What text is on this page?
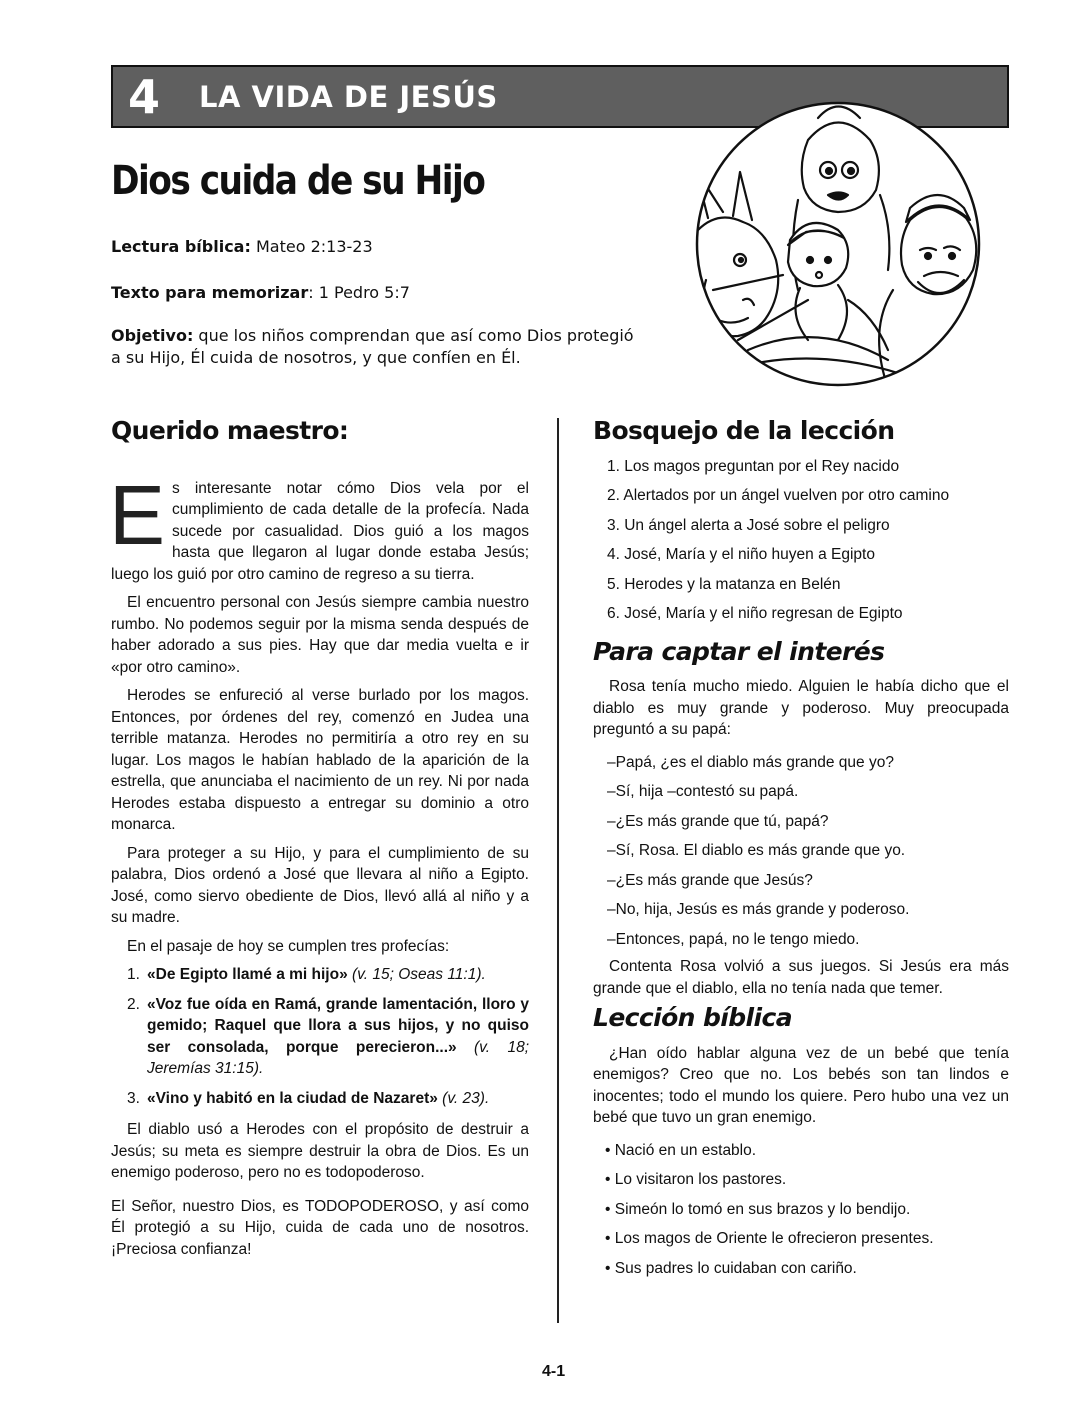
4	LA VIDA DE JESÚS
Dios cuida de su Hijo
Lectura bíblica: Mateo 2:13-23
Texto para memorizar: 1 Pedro 5:7
Objetivo: que los niños comprendan que así como Dios protegió
a su Hijo, Él cuida de nosotros, y que confíen en Él.
Querido maestro:

Es interesante notar cómo Dios vela por el cumplimiento de cada detalle de la profecía. Nada sucede por casualidad. Dios guió a los magos hasta que llegaron al lugar donde estaba Jesús; luego los guió por otro camino de regreso a su tierra.

El encuentro personal con Jesús siempre cambia nuestro rumbo. No podemos seguir por la misma senda después de haber adorado a sus pies. Hay que dar media vuelta e ir «por otro camino».

Herodes se enfureció al verse burlado por los magos. Entonces, por órdenes del rey, comenzó en Judea una terrible matanza. Herodes no permitiría a otro rey en su lugar. Los magos le habían hablado de la aparición de la estrella, que anunciaba el nacimiento de un rey. Ni por nada Herodes estaba dispuesto a entregar su dominio a otro monarca.

Para proteger a su Hijo, y para el cumplimiento de su palabra, Dios ordenó a José que llevara al niño a Egipto. José, como siervo obediente de Dios, llevó allá al niño y a su madre.

En el pasaje de hoy se cumplen tres profecías:

1. «De Egipto llamé a mi hijo» (v. 15; Oseas 11:1).
2. «Voz fue oída en Ramá, grande lamentación, lloro y gemido; Raquel que llora a sus hijos, y no quiso ser consolada, porque perecieron...» (v. 18; Jeremías 31:15).
3. «Vino y habitó en la ciudad de Nazaret» (v. 23).

El diablo usó a Herodes con el propósito de destruir a Jesús; su meta es siempre destruir la obra de Dios. Es un enemigo poderoso, pero no es todopoderoso.

El Señor, nuestro Dios, es TODOPODEROSO, y así como Él protegió a su Hijo, cuida de cada uno de nosotros. ¡Preciosa confianza!

Bosquejo de la lección
1. Los magos preguntan por el Rey nacido
2. Alertados por un ángel vuelven por otro camino
3. Un ángel alerta a José sobre el peligro
4. José, María y el niño huyen a Egipto
5. Herodes y la matanza en Belén
6. José, María y el niño regresan de Egipto
Para captar el interés

Rosa tenía mucho miedo. Alguien le había dicho que el diablo es muy grande y poderoso. Muy preocupada preguntó a su papá:

–Papá, ¿es el diablo más grande que yo?

–Sí, hija –contestó su papá.

–¿Es más grande que tú, papá?

–Sí, Rosa. El diablo es más grande que yo.

–¿Es más grande que Jesús?

–No, hija, Jesús es más grande y poderoso.

–Entonces, papá, no le tengo miedo.

Contenta Rosa volvió a sus juegos. Si Jesús era más grande que el diablo, ella no tenía nada que temer.

Lección bíblica

¿Han oído hablar alguna vez de un bebé que tenía enemigos? Creo que no. Los bebés son tan lindos e inocentes; todo el mundo los quiere. Pero hubo una vez un bebé que tuvo un gran enemigo.

• Nació en un establo.
• Lo visitaron los pastores.
• Simeón lo tomó en sus brazos y lo bendijo.
• Los magos de Oriente le ofrecieron presentes.
• Sus padres lo cuidaban con cariño.
4-1
